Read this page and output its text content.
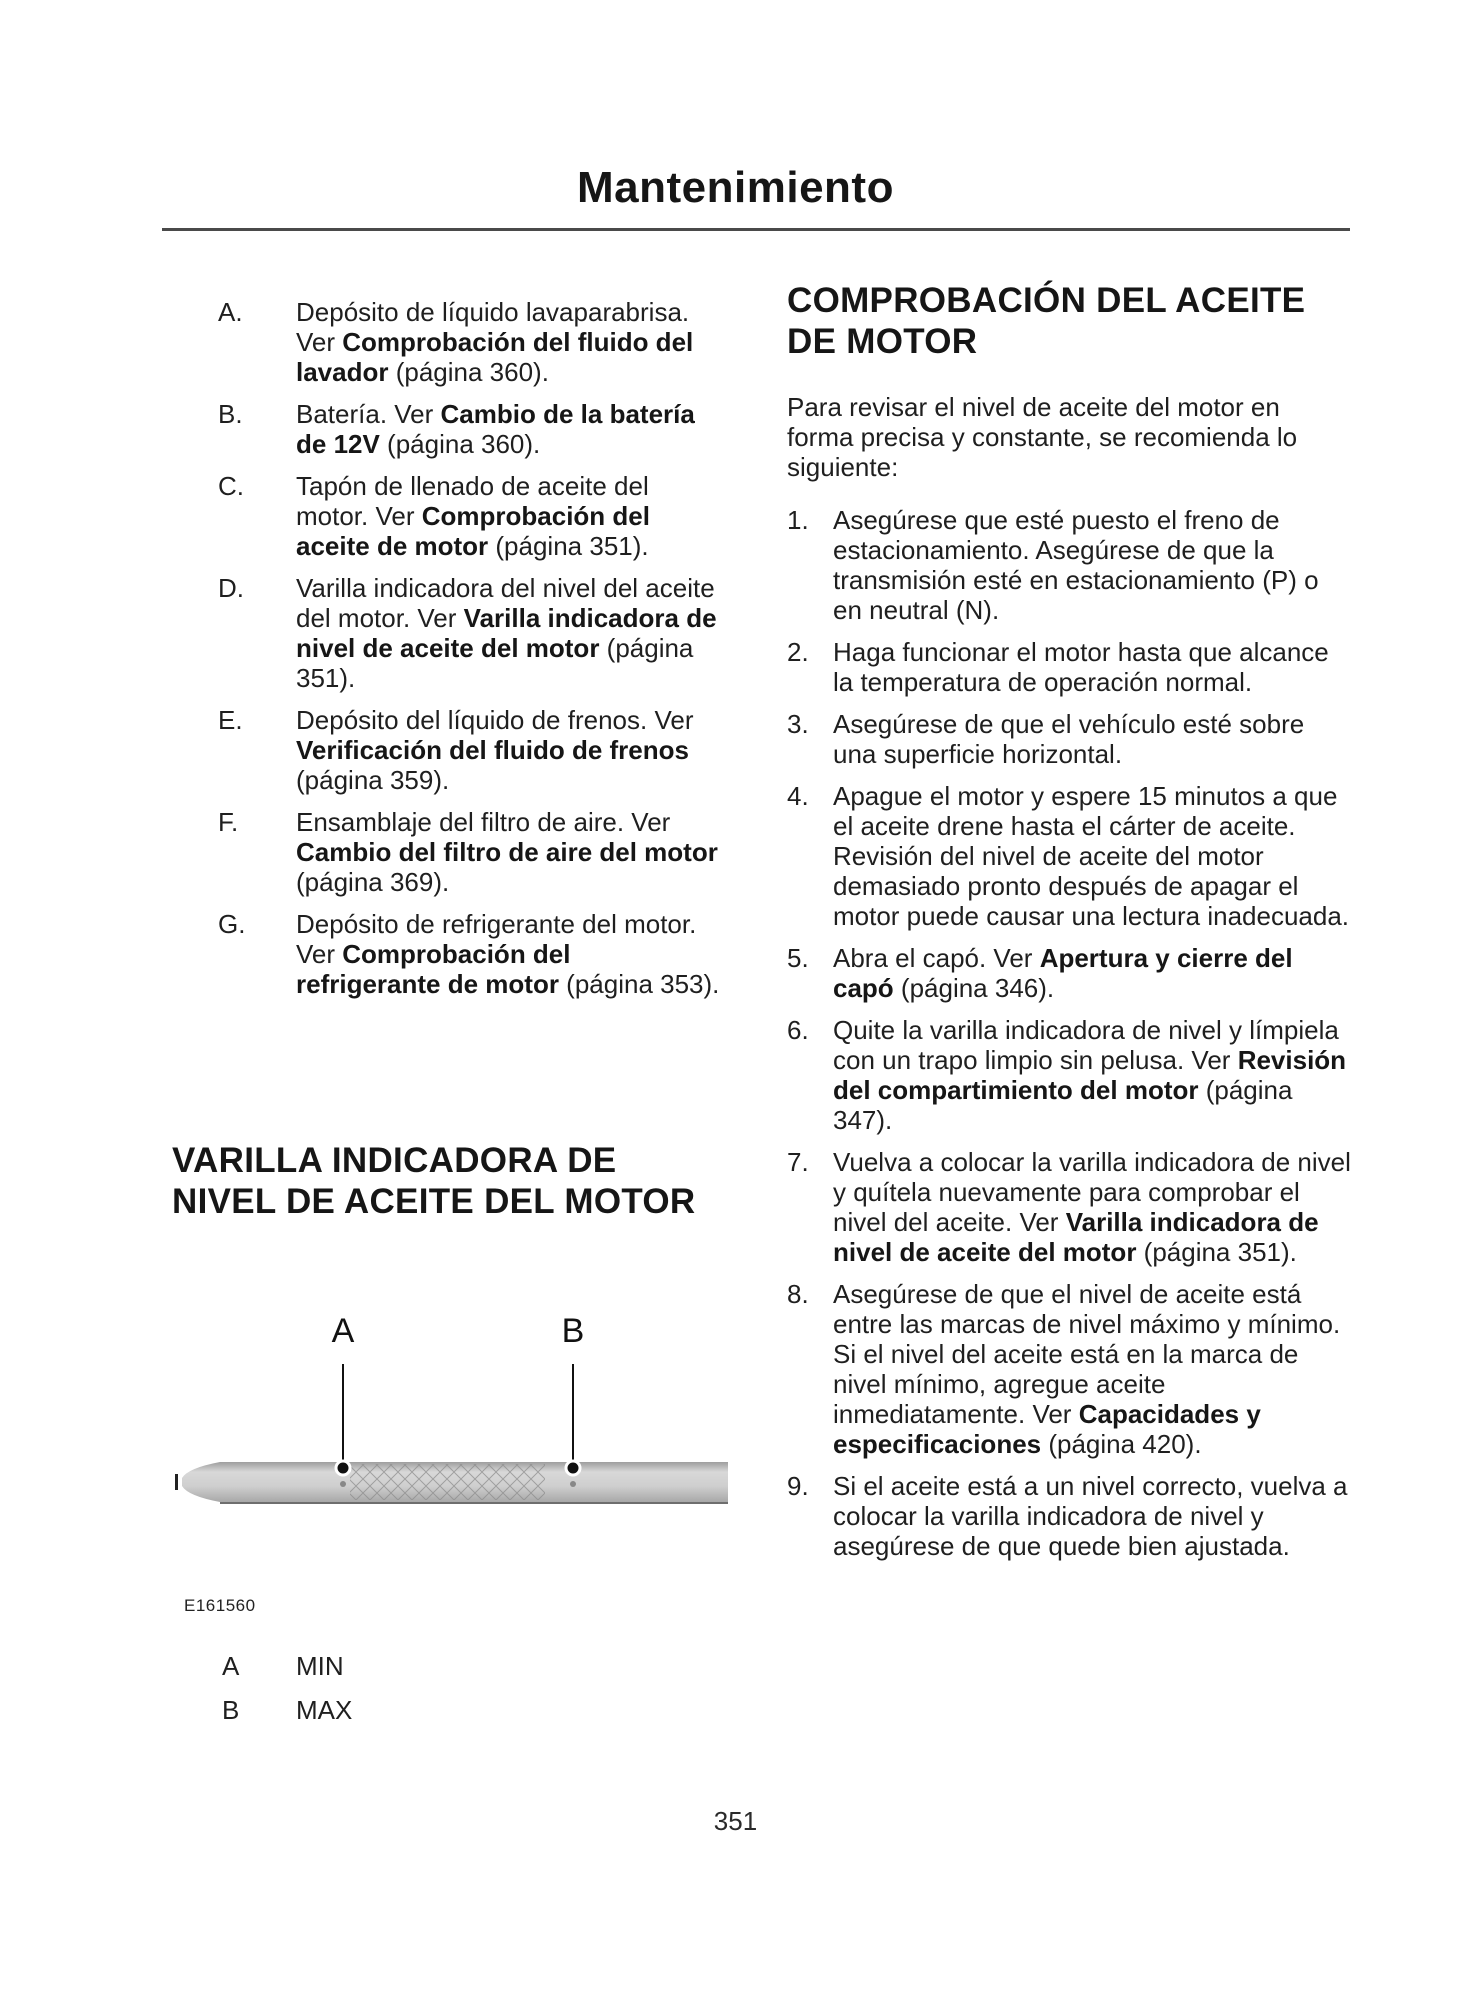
Mantenimiento
A.	Depósito de líquido lavaparabrisa. Ver Comprobación del fluido del lavador (página 360).
B.	Batería. Ver Cambio de la batería de 12V (página 360).
C.	Tapón de llenado de aceite del motor. Ver Comprobación del aceite de motor (página 351).
D.	Varilla indicadora del nivel del aceite del motor. Ver Varilla indicadora de nivel de aceite del motor (página 351).
E.	Depósito del líquido de frenos. Ver Verificación del fluido de frenos (página 359).
F.	Ensamblaje del filtro de aire. Ver Cambio del filtro de aire del motor (página 369).
G.	Depósito de refrigerante del motor. Ver Comprobación del refrigerante de motor (página 353).
VARILLA INDICADORA DE
NIVEL DE ACEITE DEL MOTOR
A	B
E161560
A	MIN
B	MAX
COMPROBACIÓN DEL ACEITE
DE MOTOR
Para revisar el nivel de aceite del motor en forma precisa y constante, se recomienda lo siguiente:
1. Asegúrese que esté puesto el freno de estacionamiento. Asegúrese de que la transmisión esté en estacionamiento (P) o en neutral (N).
2. Haga funcionar el motor hasta que alcance la temperatura de operación normal.
3. Asegúrese de que el vehículo esté sobre una superficie horizontal.
4. Apague el motor y espere 15 minutos a que el aceite drene hasta el cárter de aceite. Revisión del nivel de aceite del motor demasiado pronto después de apagar el motor puede causar una lectura inadecuada.
5. Abra el capó. Ver Apertura y cierre del capó (página 346).
6. Quite la varilla indicadora de nivel y límpiela con un trapo limpio sin pelusa. Ver Revisión del compartimiento del motor (página 347).
7. Vuelva a colocar la varilla indicadora de nivel y quítela nuevamente para comprobar el nivel del aceite. Ver Varilla indicadora de nivel de aceite del motor (página 351).
8. Asegúrese de que el nivel de aceite está entre las marcas de nivel máximo y mínimo. Si el nivel del aceite está en la marca de nivel mínimo, agregue aceite inmediatamente. Ver Capacidades y especificaciones (página 420).
9. Si el aceite está a un nivel correcto, vuelva a colocar la varilla indicadora de nivel y asegúrese de que quede bien ajustada.
351
